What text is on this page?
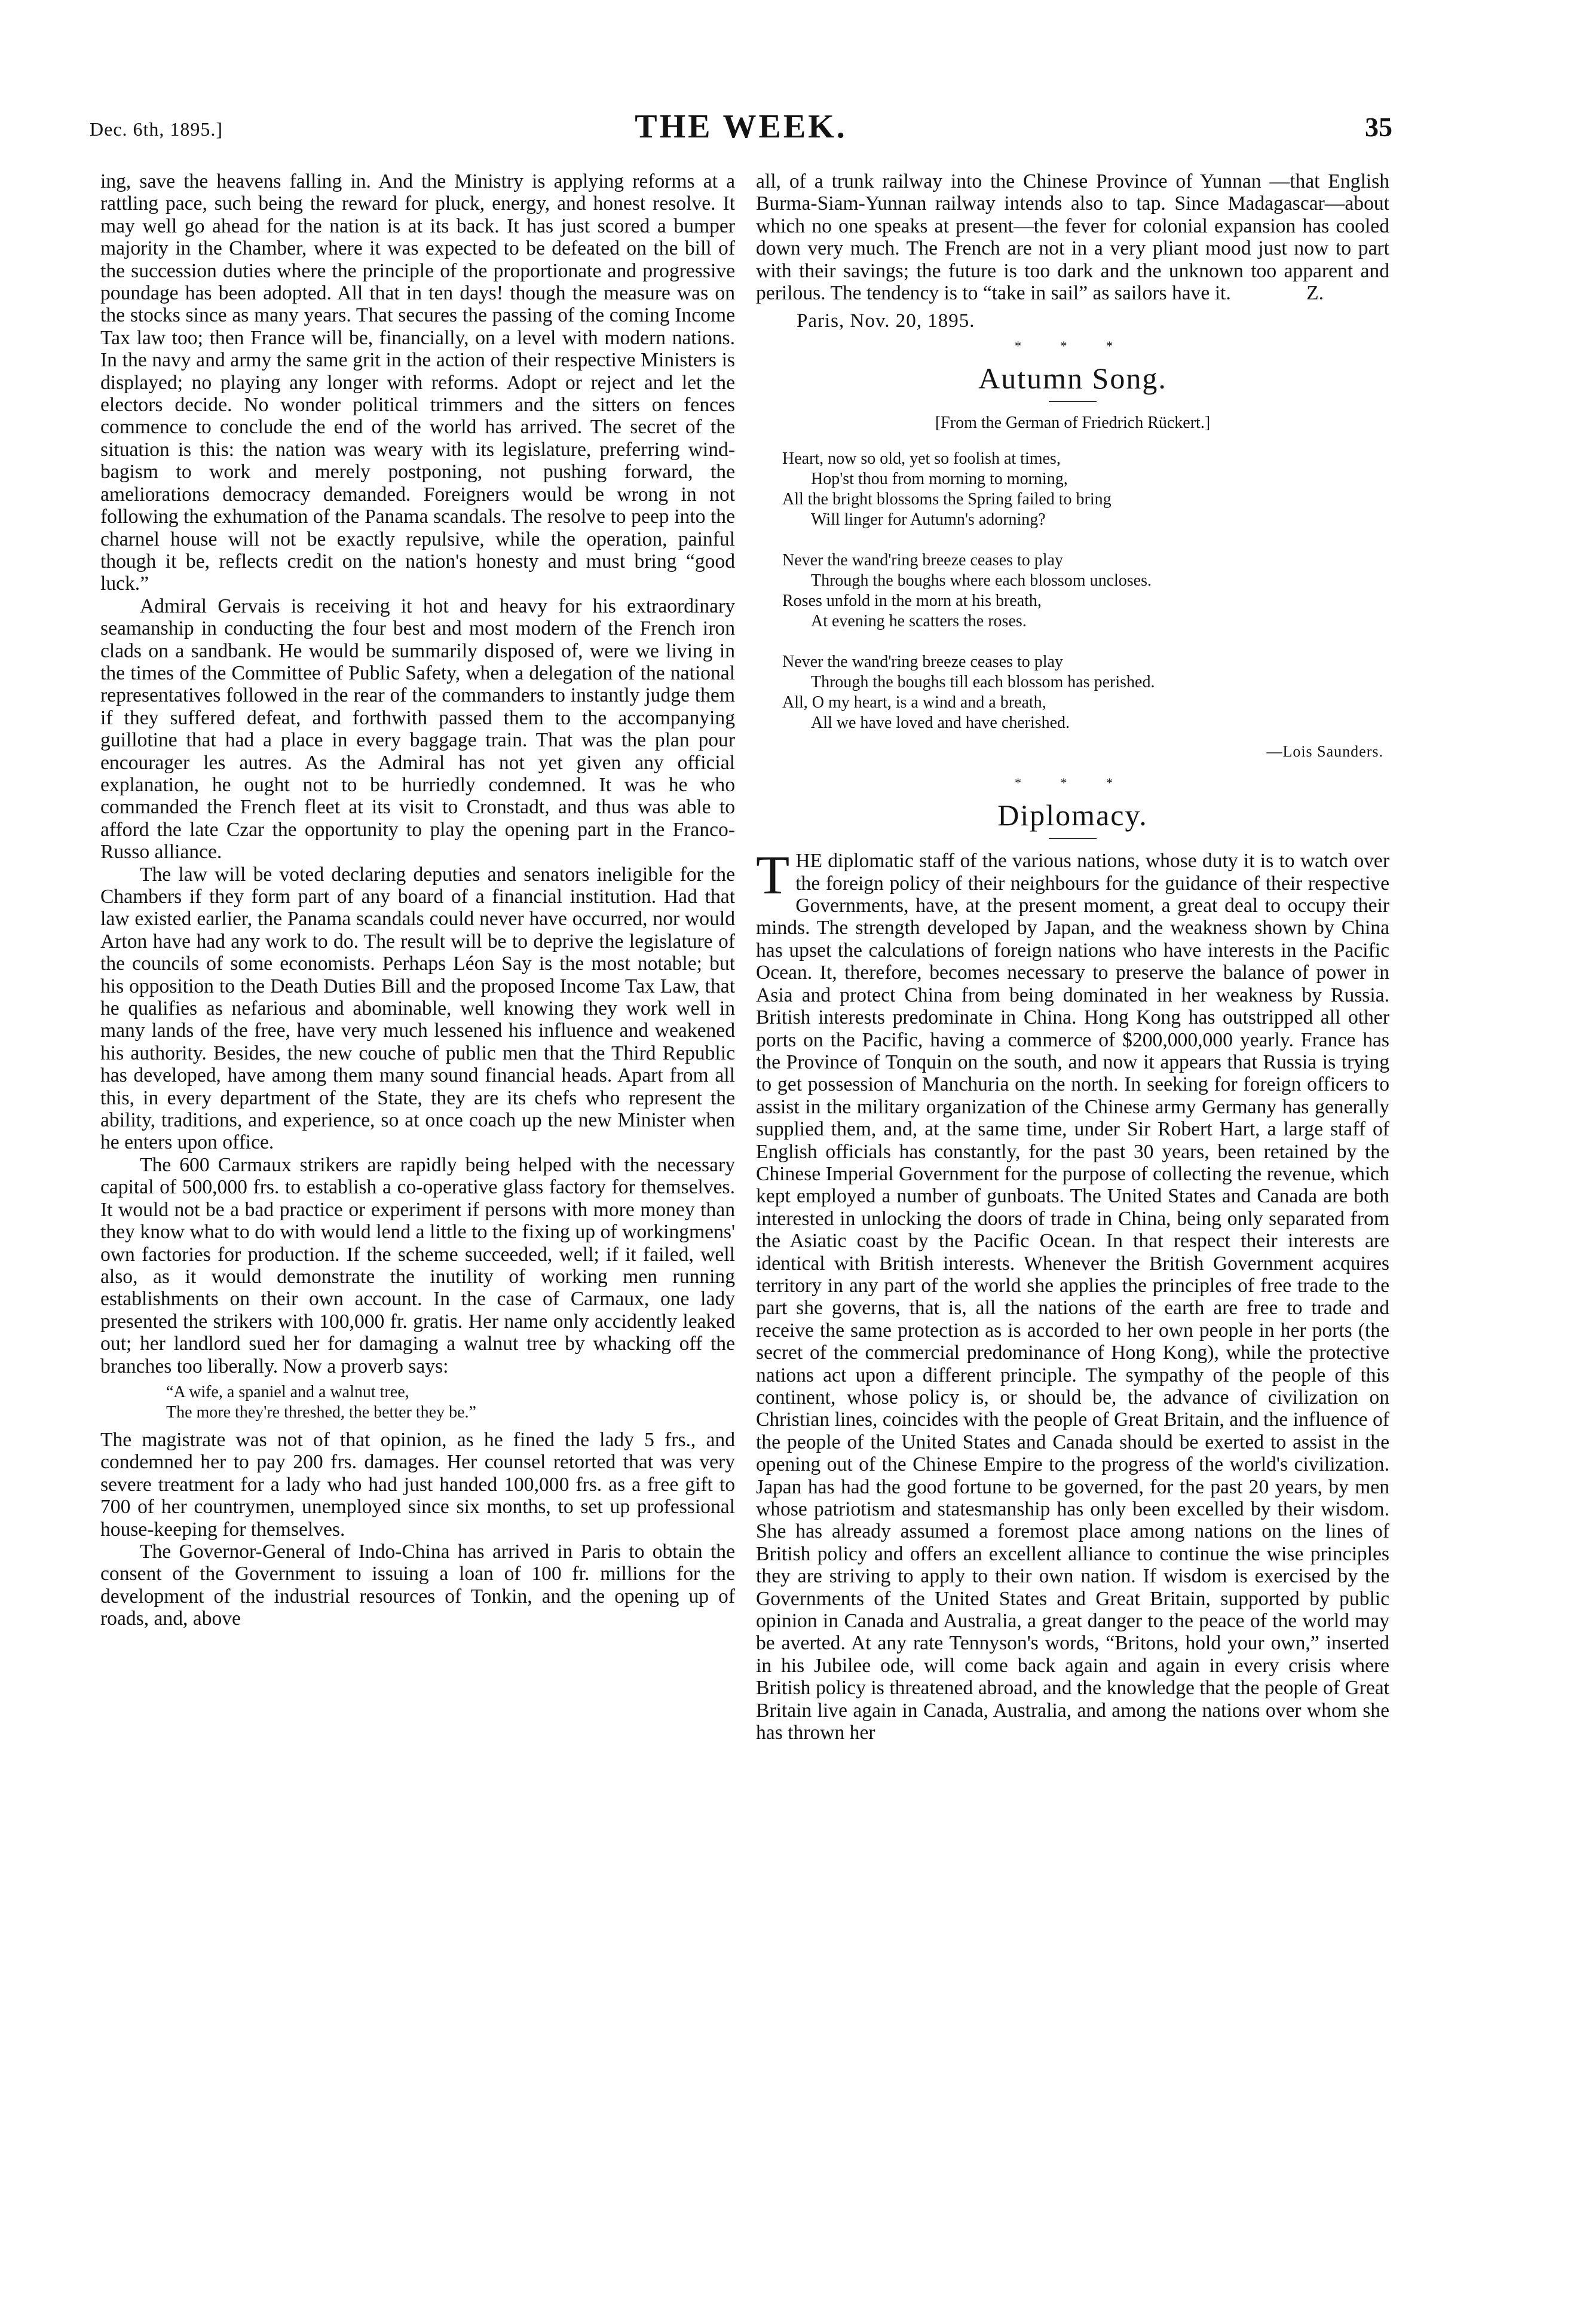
Dec. 6th, 1895.]	THE WEEK.	35

ing, save the heavens falling in. And the Ministry is applying reforms at a rattling pace, such being the reward for pluck, energy, and honest resolve. It may well go ahead for the nation is at its back. It has just scored a bumper majority in the Chamber, where it was expected to be defeated on the bill of the succession duties where the principle of the proportionate and progressive poundage has been adopted. All that in ten days! though the measure was on the stocks since as many years. That secures the passing of the coming Income Tax law too; then France will be, financially, on a level with modern nations. In the navy and army the same grit in the action of their respective Ministers is displayed; no playing any longer with reforms. Adopt or reject and let the electors decide. No wonder political trimmers and the sitters on fences commence to conclude the end of the world has arrived. The secret of the situation is this: the nation was weary with its legislature, preferring wind-bagism to work and merely postponing, not pushing forward, the ameliorations democracy demanded. Foreigners would be wrong in not following the exhumation of the Panama scandals. The resolve to peep into the charnel house will not be exactly repulsive, while the operation, painful though it be, reflects credit on the nation's honesty and must bring “good luck.”

Admiral Gervais is receiving it hot and heavy for his extraordinary seamanship in conducting the four best and most modern of the French iron clads on a sandbank. He would be summarily disposed of, were we living in the times of the Committee of Public Safety, when a delegation of the national representatives followed in the rear of the commanders to instantly judge them if they suffered defeat, and forthwith passed them to the accompanying guillotine that had a place in every baggage train. That was the plan pour encourager les autres. As the Admiral has not yet given any official explanation, he ought not to be hurriedly condemned. It was he who commanded the French fleet at its visit to Cronstadt, and thus was able to afford the late Czar the opportunity to play the opening part in the Franco-Russo alliance.

The law will be voted declaring deputies and senators ineligible for the Chambers if they form part of any board of a financial institution. Had that law existed earlier, the Panama scandals could never have occurred, nor would Arton have had any work to do. The result will be to deprive the legislature of the councils of some economists. Perhaps Léon Say is the most notable; but his opposition to the Death Duties Bill and the proposed Income Tax Law, that he qualifies as nefarious and abominable, well knowing they work well in many lands of the free, have very much lessened his influence and weakened his authority. Besides, the new couche of public men that the Third Republic has developed, have among them many sound financial heads. Apart from all this, in every department of the State, they are its chefs who represent the ability, traditions, and experience, so at once coach up the new Minister when he enters upon office.

The 600 Carmaux strikers are rapidly being helped with the necessary capital of 500,000 frs. to establish a co-operative glass factory for themselves. It would not be a bad practice or experiment if persons with more money than they know what to do with would lend a little to the fixing up of workingmens' own factories for production. If the scheme succeeded, well; if it failed, well also, as it would demonstrate the inutility of working men running establishments on their own account. In the case of Carmaux, one lady presented the strikers with 100,000 fr. gratis. Her name only accidently leaked out; her landlord sued her for damaging a walnut tree by whacking off the branches too liberally. Now a proverb says:

“A wife, a spaniel and a walnut tree,
The more they're threshed, the better they be.”

The magistrate was not of that opinion, as he fined the lady 5 frs., and condemned her to pay 200 frs. damages. Her counsel retorted that was very severe treatment for a lady who had just handed 100,000 frs. as a free gift to 700 of her countrymen, unemployed since six months, to set up professional house-keeping for themselves.

The Governor-General of Indo-China has arrived in Paris to obtain the consent of the Government to issuing a loan of 100 fr. millions for the development of the industrial resources of Tonkin, and the opening up of roads, and, above

all, of a trunk railway into the Chinese Province of Yunnan —that English Burma-Siam-Yunnan railway intends also to tap. Since Madagascar—about which no one speaks at present—the fever for colonial expansion has cooled down very much. The French are not in a very pliant mood just now to part with their savings; the future is too dark and the unknown too apparent and perilous. The tendency is to “take in sail” as sailors have it.	Z.

Paris, Nov. 20, 1895.
* * *
Autumn Song.
[From the German of Friedrich Rückert.]
Heart, now so old, yet so foolish at times,
Hop'st thou from morning to morning,
All the bright blossoms the Spring failed to bring
Will linger for Autumn's adorning?
Never the wand'ring breeze ceases to play
Through the boughs where each blossom uncloses.
Roses unfold in the morn at his breath,
At evening he scatters the roses.
Never the wand'ring breeze ceases to play
Through the boughs till each blossom has perished.
All, O my heart, is a wind and a breath,
All we have loved and have cherished.
—Lois Saunders.
* * *
Diplomacy.

T HE diplomatic staff of the various nations, whose duty it is to watch over the foreign policy of their neighbours for the guidance of their respective Governments, have, at the present moment, a great deal to occupy their minds. The strength developed by Japan, and the weakness shown by China has upset the calculations of foreign nations who have interests in the Pacific Ocean. It, therefore, becomes necessary to preserve the balance of power in Asia and protect China from being dominated in her weakness by Russia. British interests predominate in China. Hong Kong has outstripped all other ports on the Pacific, having a commerce of $200,000,000 yearly. France has the Province of Tonquin on the south, and now it appears that Russia is trying to get possession of Manchuria on the north. In seeking for foreign officers to assist in the military organization of the Chinese army Germany has generally supplied them, and, at the same time, under Sir Robert Hart, a large staff of English officials has constantly, for the past 30 years, been retained by the Chinese Imperial Government for the purpose of collecting the revenue, which kept employed a number of gunboats. The United States and Canada are both interested in unlocking the doors of trade in China, being only separated from the Asiatic coast by the Pacific Ocean. In that respect their interests are identical with British interests. Whenever the British Government acquires territory in any part of the world she applies the principles of free trade to the part she governs, that is, all the nations of the earth are free to trade and receive the same protection as is accorded to her own people in her ports (the secret of the commercial predominance of Hong Kong), while the protective nations act upon a different principle. The sympathy of the people of this continent, whose policy is, or should be, the advance of civilization on Christian lines, coincides with the people of Great Britain, and the influence of the people of the United States and Canada should be exerted to assist in the opening out of the Chinese Empire to the progress of the world's civilization. Japan has had the good fortune to be governed, for the past 20 years, by men whose patriotism and statesmanship has only been excelled by their wisdom. She has already assumed a foremost place among nations on the lines of British policy and offers an excellent alliance to continue the wise principles they are striving to apply to their own nation. If wisdom is exercised by the Governments of the United States and Great Britain, supported by public opinion in Canada and Australia, a great danger to the peace of the world may be averted. At any rate Tennyson's words, “Britons, hold your own,” inserted in his Jubilee ode, will come back again and again in every crisis where British policy is threatened abroad, and the knowledge that the people of Great Britain live again in Canada, Australia, and among the nations over whom she has thrown her
